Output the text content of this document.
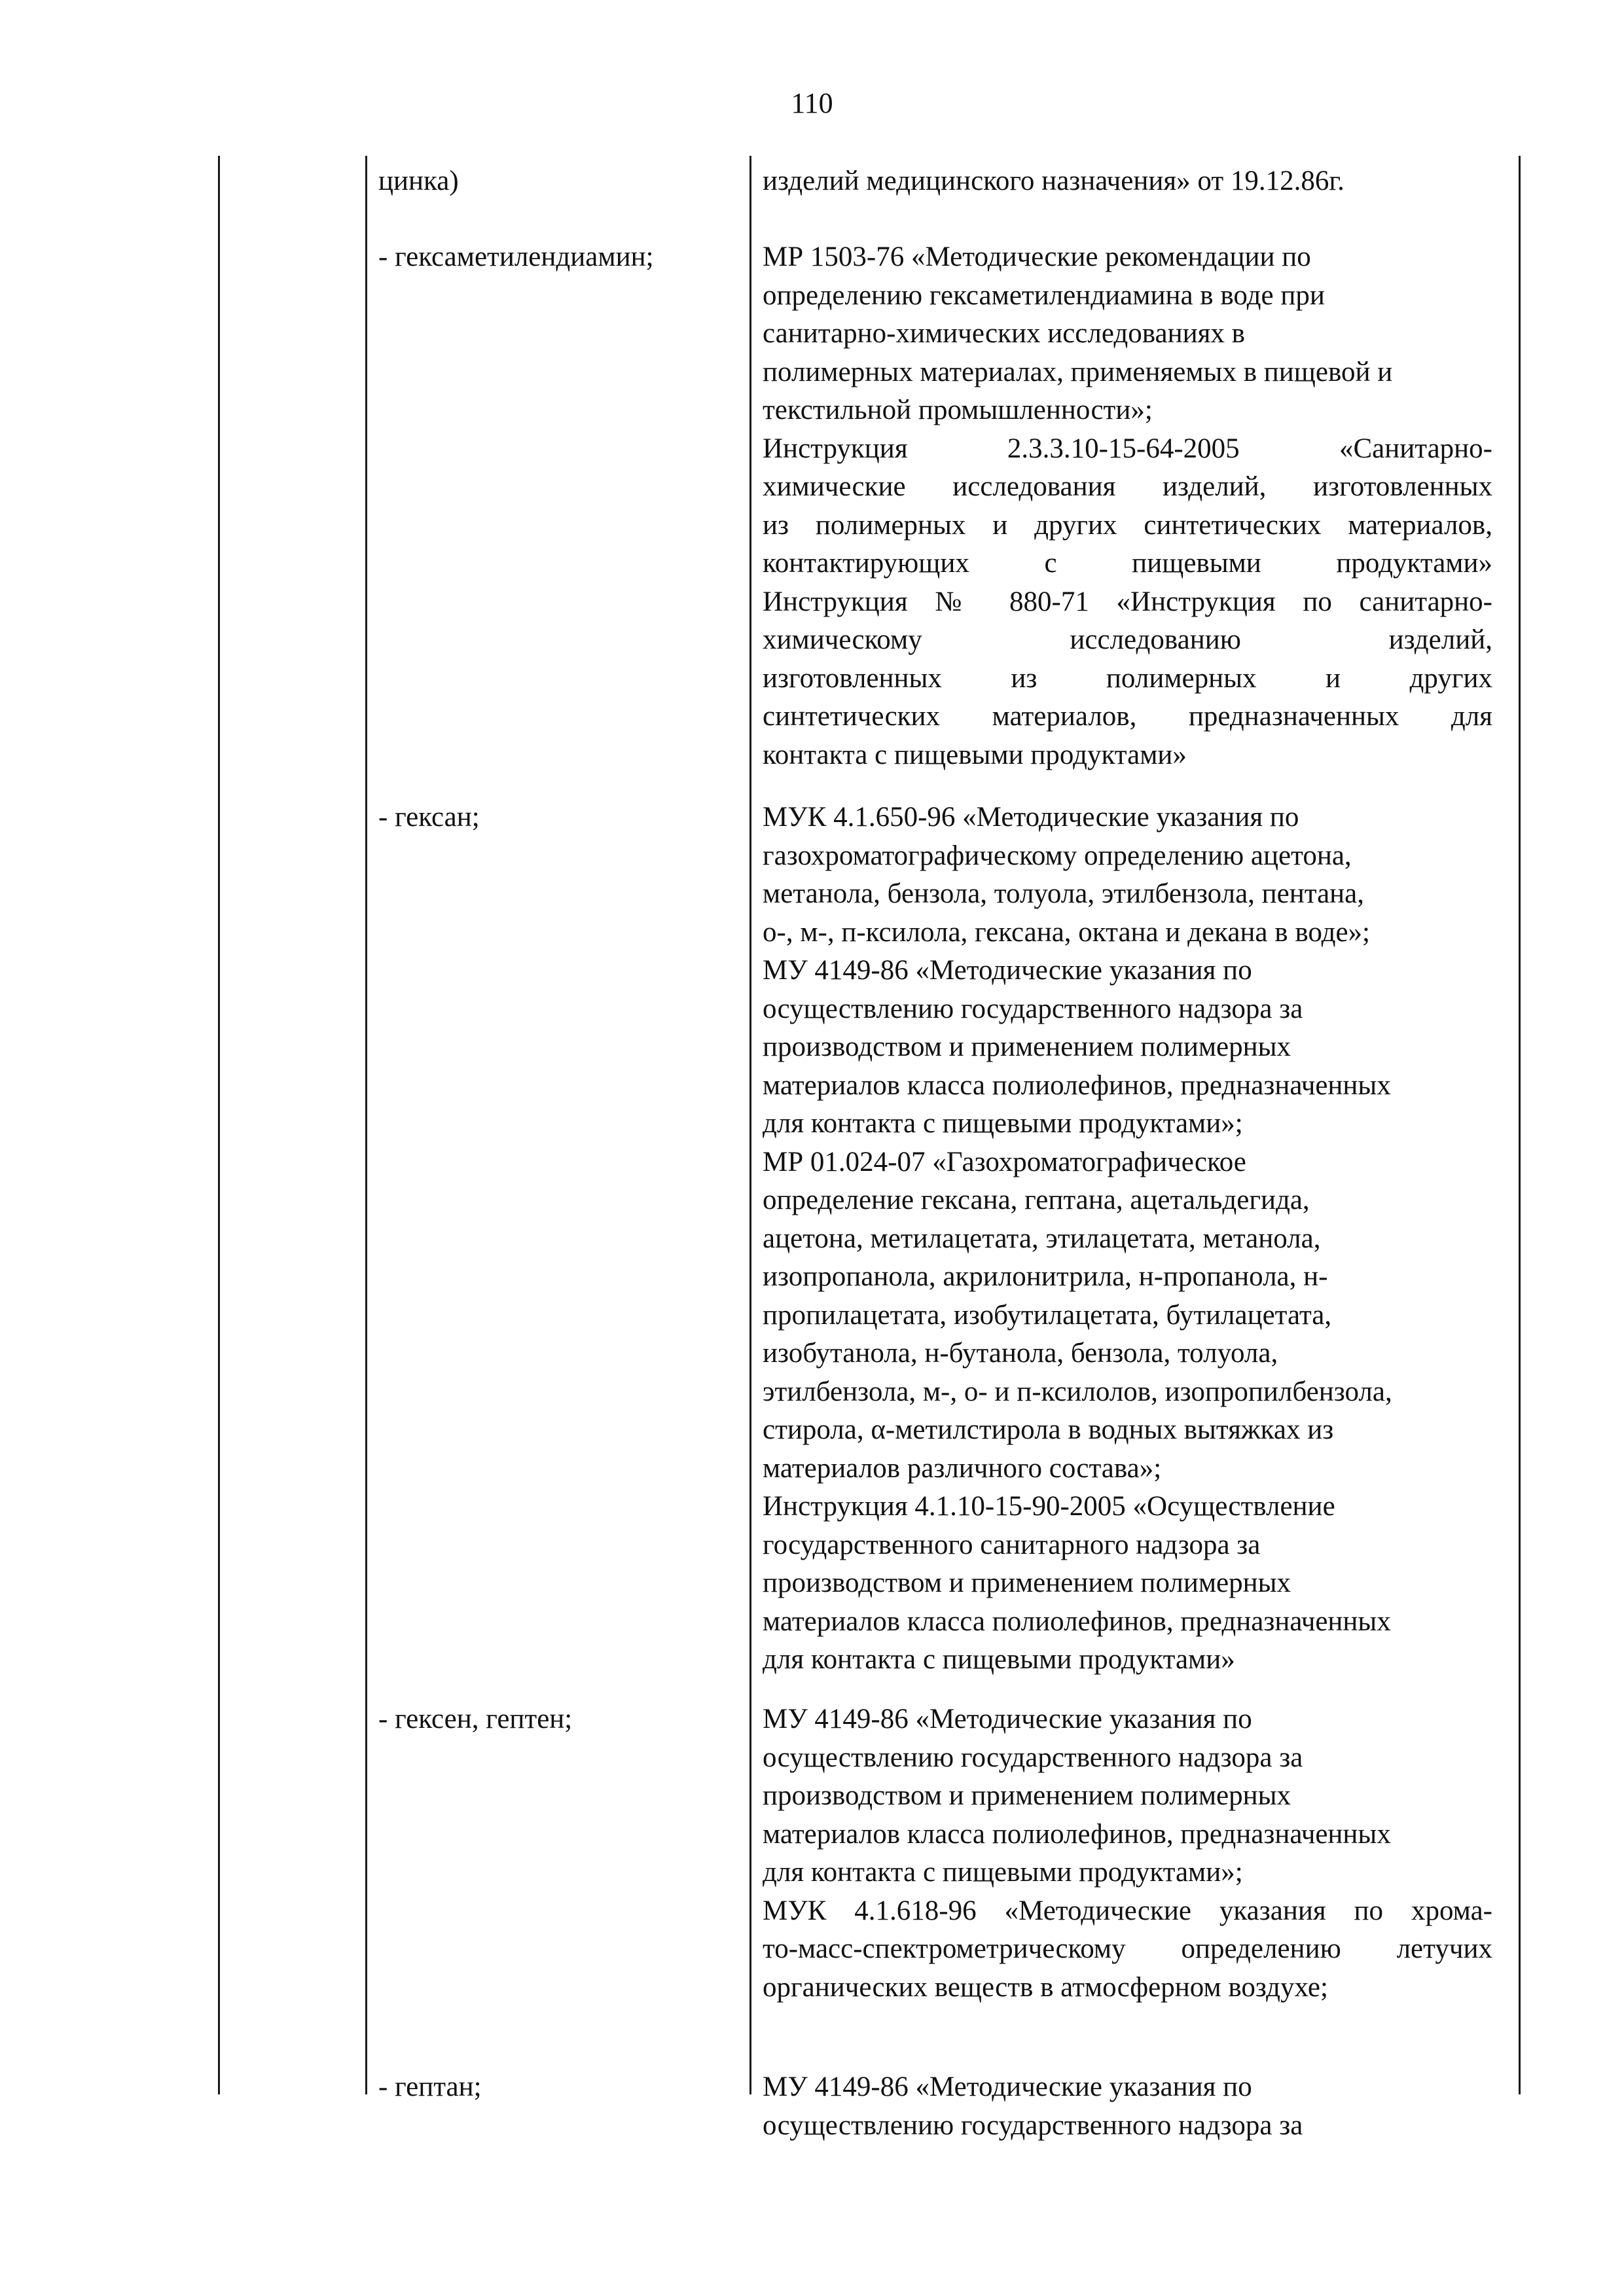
110
цинка)	изделий медицинского назначения» от 19.12.86г.
- гексаметилендиамин;	МР 1503-76 «Методические рекомендации по
определению гексаметилендиамина в воде при
санитарно-химических исследованиях в
полимерных материалах, применяемых в пищевой и
текстильной промышленности»;
Инструкция 2.3.3.10-15-64-2005 «Санитарно-
химические исследования изделий, изготовленных
из полимерных и других синтетических материалов,
контактирующих с пищевыми продуктами»
Инструкция № 880-71 «Инструкция по санитарно-
химическому исследованию изделий,
изготовленных из полимерных и других
синтетических материалов, предназначенных для
контакта с пищевыми продуктами»
- гексан;	МУК 4.1.650-96 «Методические указания по
газохроматографическому определению ацетона,
метанола, бензола, толуола, этилбензола, пентана,
о-, м-, п-ксилола, гексана, октана и декана в воде»;
МУ 4149-86 «Методические указания по
осуществлению государственного надзора за
производством и применением полимерных
материалов класса полиолефинов, предназначенных
для контакта с пищевыми продуктами»;
МР 01.024-07 «Газохроматографическое
определение гексана, гептана, ацетальдегида,
ацетона, метилацетата, этилацетата, метанола,
изопропанола, акрилонитрила, н-пропанола, н-
пропилацетата, изобутилацетата, бутилацетата,
изобутанола, н-бутанола, бензола, толуола,
этилбензола, м-, о- и п-ксилолов, изопропилбензола,
стирола, α-метилстирола в водных вытяжках из
материалов различного состава»;
Инструкция 4.1.10-15-90-2005 «Осуществление
государственного санитарного надзора за
производством и применением полимерных
материалов класса полиолефинов, предназначенных
для контакта с пищевыми продуктами»
- гексен, гептен;	МУ 4149-86 «Методические указания по
осуществлению государственного надзора за
производством и применением полимерных
материалов класса полиолефинов, предназначенных
для контакта с пищевыми продуктами»;
МУК 4.1.618-96 «Методические указания по хрома-
то-масс-спектрометрическому определению летучих
органических веществ в атмосферном воздухе;
- гептан;	МУ 4149-86 «Методические указания по
осуществлению государственного надзора за
